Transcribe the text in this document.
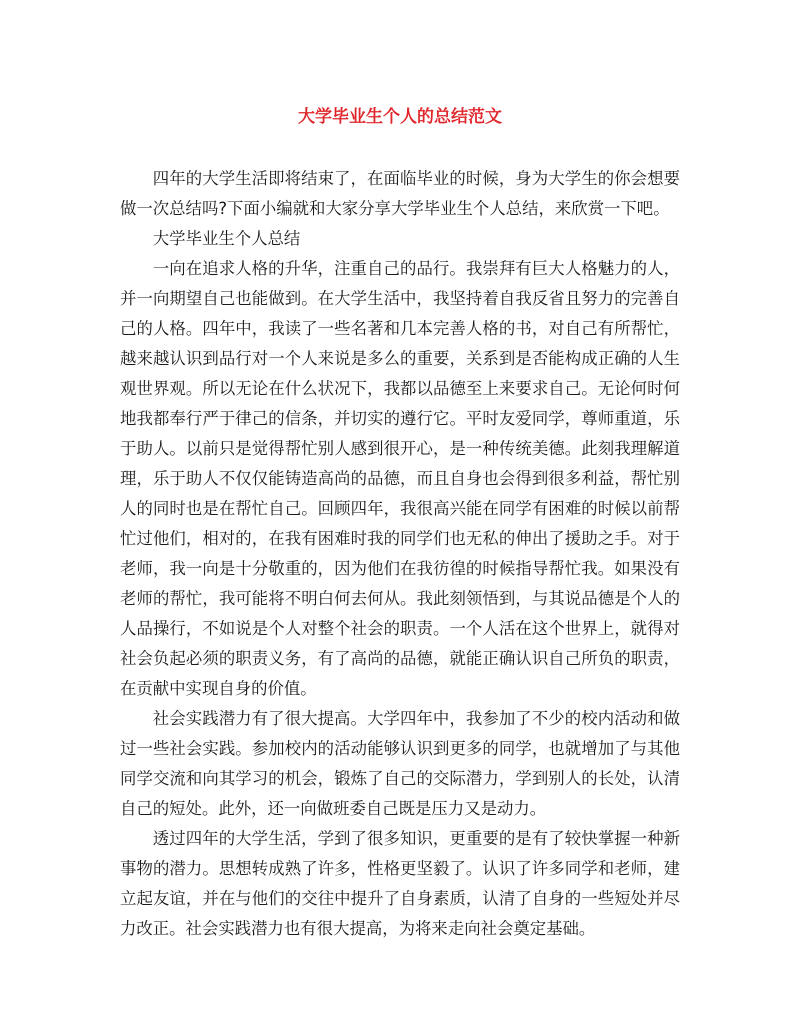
大学毕业生个人的总结范文

四年的大学生活即将结束了，在面临毕业的时候，身为大学生的你会想要做一次总结吗?下面小编就和大家分享大学毕业生个人总结，来欣赏一下吧。

大学毕业生个人总结

一向在追求人格的升华，注重自己的品行。我崇拜有巨大人格魅力的人，并一向期望自己也能做到。在大学生活中，我坚持着自我反省且努力的完善自己的人格。四年中，我读了一些名著和几本完善人格的书，对自己有所帮忙，越来越认识到品行对一个人来说是多么的重要，关系到是否能构成正确的人生观世界观。所以无论在什么状况下，我都以品德至上来要求自己。无论何时何地我都奉行严于律己的信条，并切实的遵行它。平时友爱同学，尊师重道，乐于助人。以前只是觉得帮忙别人感到很开心，是一种传统美德。此刻我理解道理，乐于助人不仅仅能铸造高尚的品德，而且自身也会得到很多利益，帮忙别人的同时也是在帮忙自己。回顾四年，我很高兴能在同学有困难的时候以前帮忙过他们，相对的，在我有困难时我的同学们也无私的伸出了援助之手。对于老师，我一向是十分敬重的，因为他们在我彷徨的时候指导帮忙我。如果没有老师的帮忙，我可能将不明白何去何从。我此刻领悟到，与其说品德是个人的人品操行，不如说是个人对整个社会的职责。一个人活在这个世界上，就得对社会负起必须的职责义务，有了高尚的品德，就能正确认识自己所负的职责，在贡献中实现自身的价值。

社会实践潜力有了很大提高。大学四年中，我参加了不少的校内活动和做过一些社会实践。参加校内的活动能够认识到更多的同学，也就增加了与其他同学交流和向其学习的机会，锻炼了自己的交际潜力，学到别人的长处，认清自己的短处。此外，还一向做班委自己既是压力又是动力。

透过四年的大学生活，学到了很多知识，更重要的是有了较快掌握一种新事物的潜力。思想转成熟了许多，性格更坚毅了。认识了许多同学和老师，建立起友谊，并在与他们的交往中提升了自身素质，认清了自身的一些短处并尽力改正。社会实践潜力也有很大提高，为将来走向社会奠定基础。
